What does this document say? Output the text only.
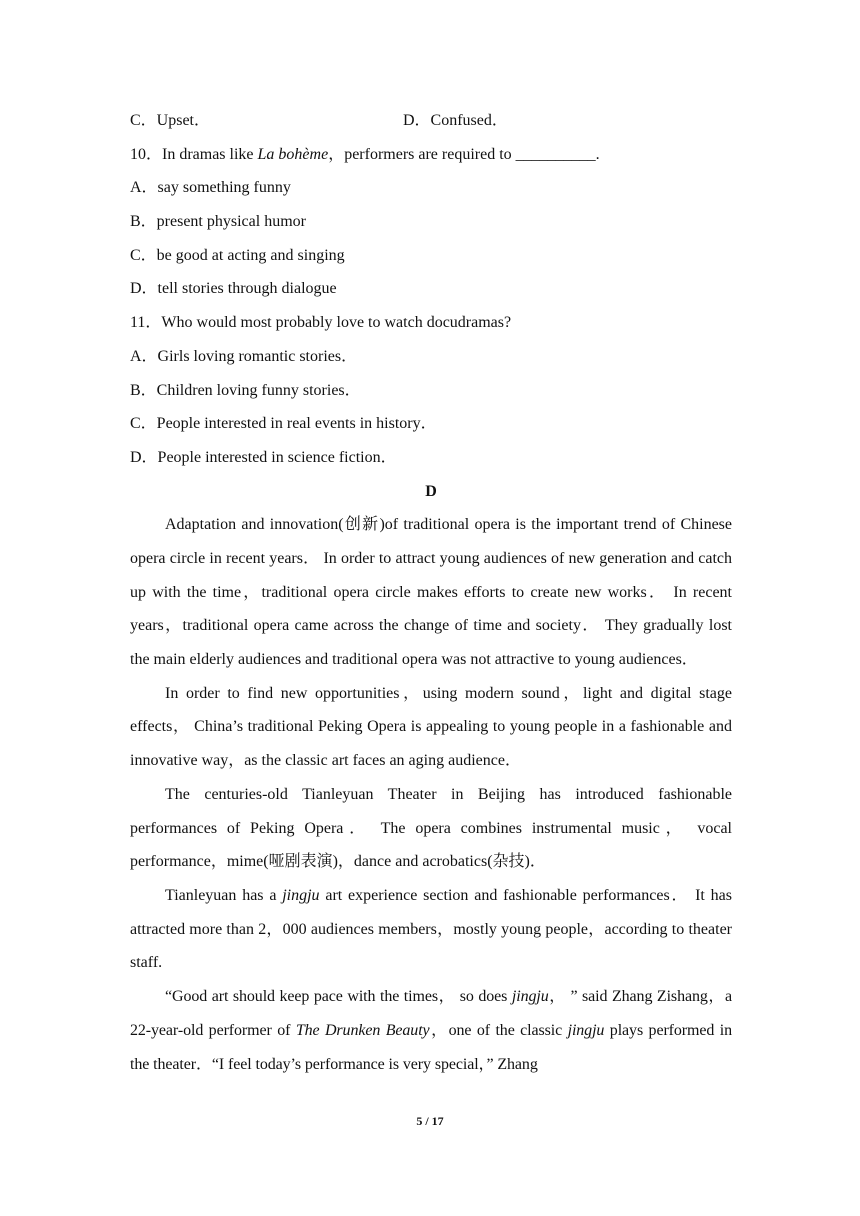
C．Upset．	D．Confused．
10．In dramas like La bohème，performers are required to __________.
A．say something funny
B．present physical humor
C．be good at acting and singing
D．tell stories through dialogue
11．Who would most probably love to watch docudramas?
A．Girls loving romantic stories．
B．Children loving funny stories．
C．People interested in real events in history．
D．People interested in science fiction．
D

Adaptation and innovation(创新)of traditional opera is the important trend of Chinese opera circle in recent years． In order to attract young audiences of new generation and catch up with the time，traditional opera circle makes efforts to create new works． In recent years，traditional opera came across the change of time and society． They gradually lost the main elderly audiences and traditional opera was not attractive to young audiences．

In order to find new opportunities，using modern sound，light and digital stage effects， China’s traditional Peking Opera is appealing to young people in a fashionable and innovative way，as the classic art faces an aging audience．

The centuries-old Tianleyuan Theater in Beijing has introduced fashionable performances of Peking Opera． The opera combines instrumental music， vocal performance，mime(哑剧表演)，dance and acrobatics(杂技)．

Tianleyuan has a jingju art experience section and fashionable performances． It has attracted more than 2，000 audiences members，mostly young people，according to theater staff.

“Good art should keep pace with the times， so does jingju， ” said Zhang Zishang，a 22-year-old performer of The Drunken Beauty，one of the classic jingju plays performed in the theater．“I feel today’s performance is very special，” Zhang

5 / 17
